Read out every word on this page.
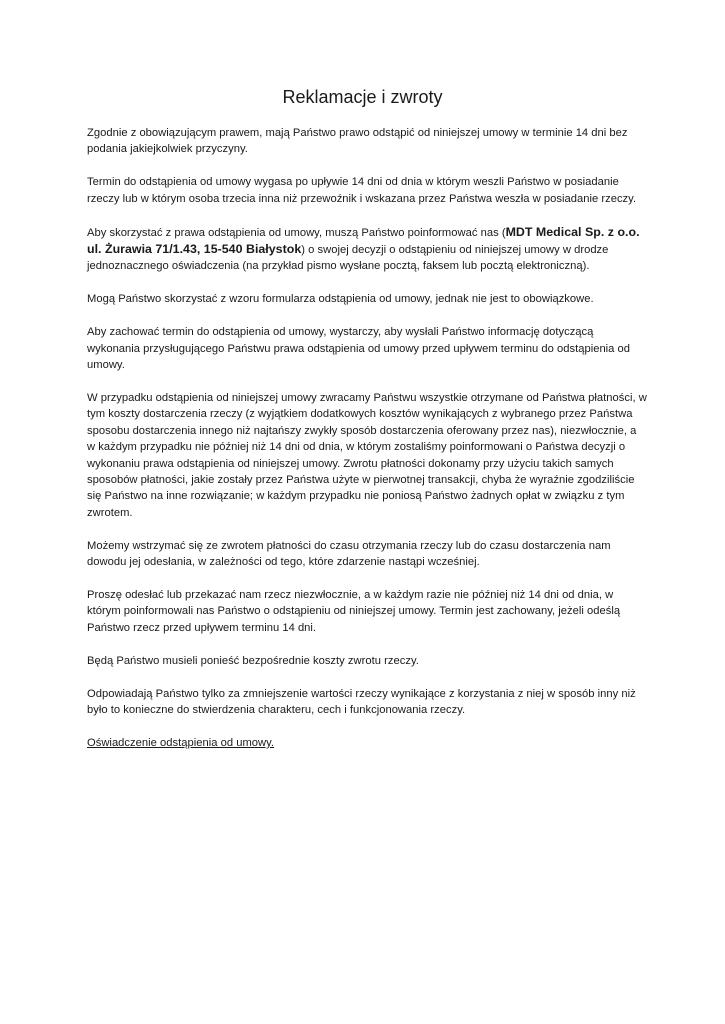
Reklamacje i zwroty

Zgodnie z obowiązującym prawem, mają Państwo prawo odstąpić od niniejszej umowy w terminie 14 dni bez podania jakiejkolwiek przyczyny.

Termin do odstąpienia od umowy wygasa po upływie 14 dni od dnia w którym weszli Państwo w posiadanie rzeczy lub w którym osoba trzecia inna niż przewoźnik i wskazana przez Państwa weszła w posiadanie rzeczy.

Aby skorzystać z prawa odstąpienia od umowy, muszą Państwo poinformować nas (MDT Medical Sp. z o.o. ul. Żurawia 71/1.43, 15-540 Białystok) o swojej decyzji o odstąpieniu od niniejszej umowy w drodze jednoznacznego oświadczenia (na przykład pismo wysłane pocztą, faksem lub pocztą elektroniczną).

Mogą Państwo skorzystać z wzoru formularza odstąpienia od umowy, jednak nie jest to obowiązkowe.

Aby zachować termin do odstąpienia od umowy, wystarczy, aby wysłali Państwo informację dotyczącą wykonania przysługującego Państwu prawa odstąpienia od umowy przed upływem terminu do odstąpienia od umowy.

W przypadku odstąpienia od niniejszej umowy zwracamy Państwu wszystkie otrzymane od Państwa płatności, w tym koszty dostarczenia rzeczy (z wyjątkiem dodatkowych kosztów wynikających z wybranego przez Państwa sposobu dostarczenia innego niż najtańszy zwykły sposób dostarczenia oferowany przez nas), niezwłocznie, a w każdym przypadku nie później niż 14 dni od dnia, w którym zostaliśmy poinformowani o Państwa decyzji o wykonaniu prawa odstąpienia od niniejszej umowy. Zwrotu płatności dokonamy przy użyciu takich samych sposobów płatności, jakie zostały przez Państwa użyte w pierwotnej transakcji, chyba że wyraźnie zgodziliście się Państwo na inne rozwiązanie; w każdym przypadku nie poniosą Państwo żadnych opłat w związku z tym zwrotem.

Możemy wstrzymać się ze zwrotem płatności do czasu otrzymania rzeczy lub do czasu dostarczenia nam dowodu jej odesłania, w zależności od tego, które zdarzenie nastąpi wcześniej.

Proszę odesłać lub przekazać nam rzecz niezwłocznie, a w każdym razie nie później niż 14 dni od dnia, w którym poinformowali nas Państwo o odstąpieniu od niniejszej umowy. Termin jest zachowany, jeżeli odeślą Państwo rzecz przed upływem terminu 14 dni.

Będą Państwo musieli ponieść bezpośrednie koszty zwrotu rzeczy.

Odpowiadają Państwo tylko za zmniejszenie wartości rzeczy wynikające z korzystania z niej w sposób inny niż było to konieczne do stwierdzenia charakteru, cech i funkcjonowania rzeczy.

Oświadczenie odstąpienia od umowy.
